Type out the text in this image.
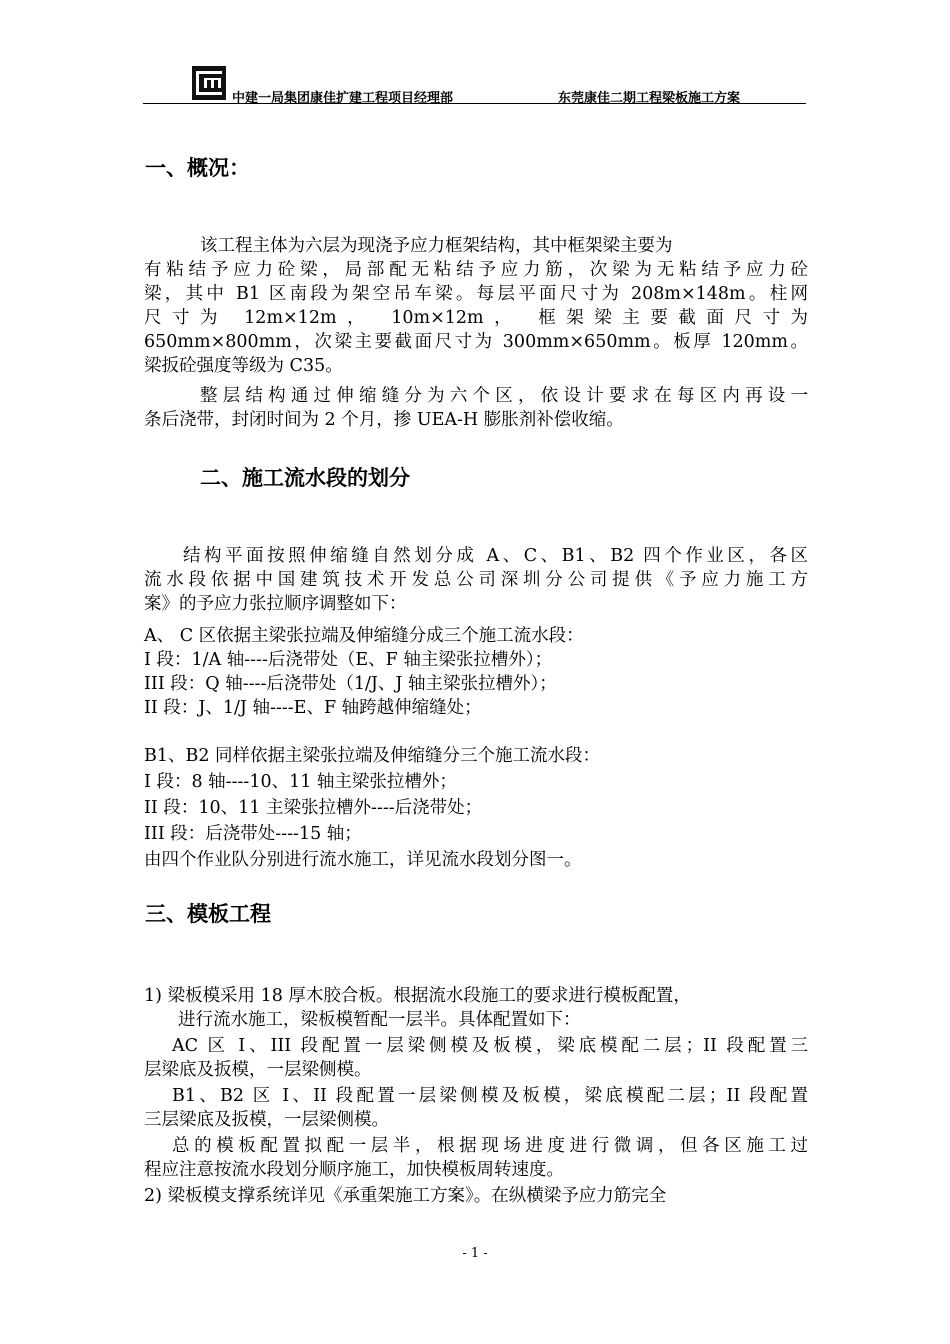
中建一局集团康佳扩建工程项目经理部	东莞康佳二期工程梁板施工方案
一、概况：
该工程主体为六层为现浇予应力框架结构，其中框架梁主要为
有粘结予应力砼梁，局部配无粘结予应力筋，次梁为无粘结予应力砼
梁，其中 B1 区南段为架空吊车梁。每层平面尺寸为 208m×148m。柱网
尺寸为 12m×12m， 10m×12m， 框架梁主要截面尺寸为
650mm×800mm，次梁主要截面尺寸为 300mm×650mm。板厚 120mm。
梁扳砼强度等级为 C35。
整层结构通过伸缩缝分为六个区，依设计要求在每区内再设一
条后浇带，封闭时间为 2 个月，掺 UEA-H 膨胀剂补偿收缩。
二、施工流水段的划分
结构平面按照伸缩缝自然划分成 A、C、B1、B2 四个作业区，各区
流水段依据中国建筑技术开发总公司深圳分公司提供《予应力施工方
案》的予应力张拉顺序调整如下：
A、 C 区依据主梁张拉端及伸缩缝分成三个施工流水段：
I 段：1/A 轴----后浇带处（E、F 轴主梁张拉槽外）；
III 段：Q 轴----后浇带处（1/J、J 轴主梁张拉槽外）；
II 段：J、1/J 轴----E、F 轴跨越伸缩缝处；
B1、B2 同样依据主梁张拉端及伸缩缝分三个施工流水段：
I 段：8 轴----10、11 轴主梁张拉槽外；
II 段：10、11 主梁张拉槽外----后浇带处；
III 段：后浇带处----15 轴；
由四个作业队分别进行流水施工，详见流水段划分图一。
三、模板工程
1) 梁板模采用 18 厚木胶合板。根据流水段施工的要求进行模板配置，
进行流水施工，梁板模暂配一层半。具体配置如下：
AC 区 I、III 段配置一层梁侧模及板模，梁底模配二层；II 段配置三
层梁底及扳模，一层梁侧模。
B1、B2 区 I、II 段配置一层梁侧模及板模，梁底模配二层；II 段配置
三层梁底及扳模，一层梁侧模。
总的模板配置拟配一层半，根据现场进度进行微调，但各区施工过
程应注意按流水段划分顺序施工，加快模板周转速度。
2) 梁板模支撑系统详见《承重架施工方案》。在纵横梁予应力筋完全
- 1 -
